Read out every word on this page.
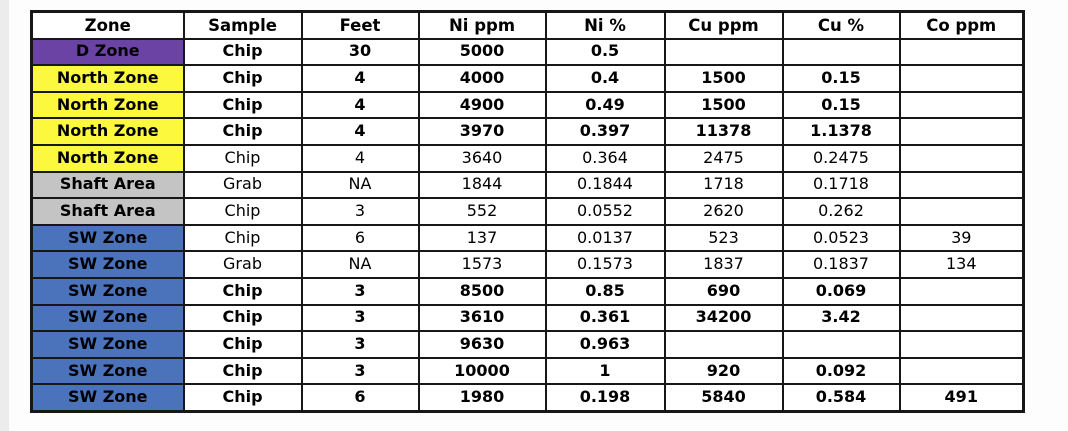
Zone	Sample	Feet	Ni ppm	Ni %	Cu ppm	Cu %	Co ppm
D Zone	Chip	30	5000	0.5			
North Zone	Chip	4	4000	0.4	1500	0.15	
North Zone	Chip	4	4900	0.49	1500	0.15	
North Zone	Chip	4	3970	0.397	11378	1.1378	
North Zone	Chip	4	3640	0.364	2475	0.2475	
Shaft Area	Grab	NA	1844	0.1844	1718	0.1718	
Shaft Area	Chip	3	552	0.0552	2620	0.262	
SW Zone	Chip	6	137	0.0137	523	0.0523	39
SW Zone	Grab	NA	1573	0.1573	1837	0.1837	134
SW Zone	Chip	3	8500	0.85	690	0.069	
SW Zone	Chip	3	3610	0.361	34200	3.42	
SW Zone	Chip	3	9630	0.963			
SW Zone	Chip	3	10000	1	920	0.092	
SW Zone	Chip	6	1980	0.198	5840	0.584	491
